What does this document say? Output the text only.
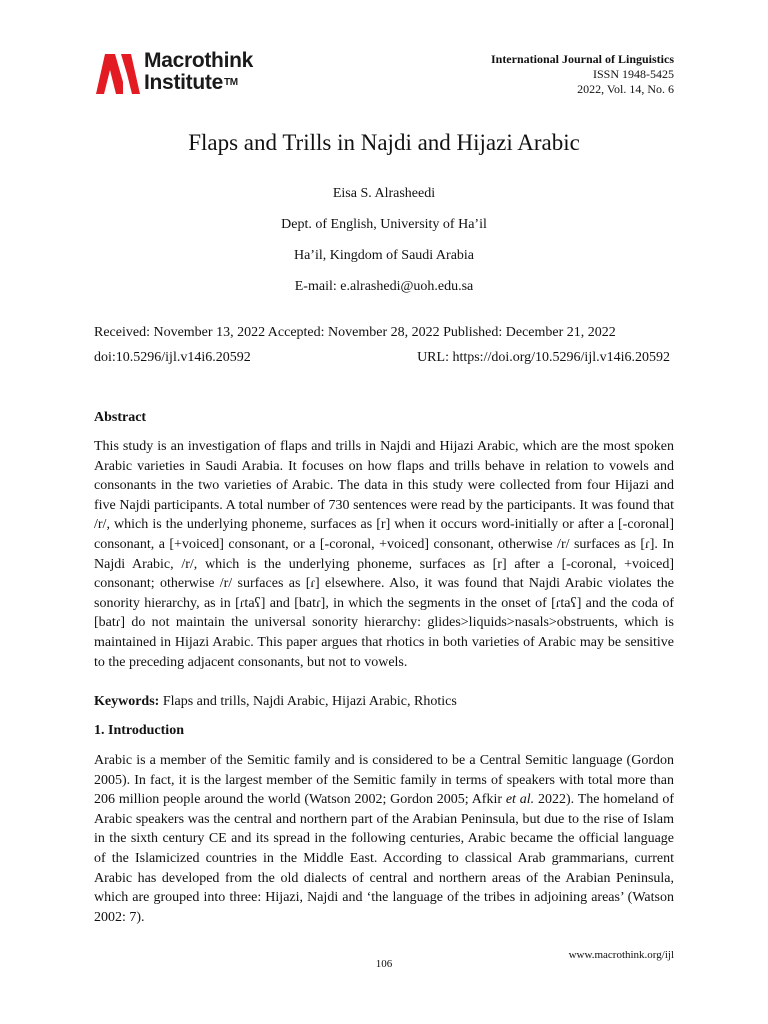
Macrothink
Institute™
International Journal of Linguistics
ISSN 1948-5425
2022, Vol. 14, No. 6
Flaps and Trills in Najdi and Hijazi Arabic
Eisa S. Alrasheedi
Dept. of English, University of Ha’il
Ha’il, Kingdom of Saudi Arabia
E-mail: e.alrashedi@uoh.edu.sa
Received: November 13, 2022 Accepted: November 28, 2022 Published: December 21, 2022
doi:10.5296/ijl.v14i6.20592	URL: https://doi.org/10.5296/ijl.v14i6.20592
Abstract
This study is an investigation of flaps and trills in Najdi and Hijazi Arabic, which are the most spoken Arabic varieties in Saudi Arabia. It focuses on how flaps and trills behave in relation to vowels and consonants in the two varieties of Arabic. The data in this study were collected from four Hijazi and five Najdi participants. A total number of 730 sentences were read by the participants. It was found that /r/, which is the underlying phoneme, surfaces as [r] when it occurs word-initially or after a [-coronal] consonant, a [+voiced] consonant, or a [-coronal, +voiced] consonant, otherwise /r/ surfaces as [ɾ]. In Najdi Arabic, /r/, which is the underlying phoneme, surfaces as [r] after a [-coronal, +voiced] consonant; otherwise /r/ surfaces as [ɾ] elsewhere. Also, it was found that Najdi Arabic violates the sonority hierarchy, as in [ɾtaʕ] and [batɾ], in which the segments in the onset of [ɾtaʕ] and the coda of [batɾ] do not maintain the universal sonority hierarchy: glides>liquids>nasals>obstruents, which is maintained in Hijazi Arabic. This paper argues that rhotics in both varieties of Arabic may be sensitive to the preceding adjacent consonants, but not to vowels.
Keywords: Flaps and trills, Najdi Arabic, Hijazi Arabic, Rhotics
1. Introduction
Arabic is a member of the Semitic family and is considered to be a Central Semitic language (Gordon 2005). In fact, it is the largest member of the Semitic family in terms of speakers with total more than 206 million people around the world (Watson 2002; Gordon 2005; Afkir et al. 2022). The homeland of Arabic speakers was the central and northern part of the Arabian Peninsula, but due to the rise of Islam in the sixth century CE and its spread in the following centuries, Arabic became the official language of the Islamicized countries in the Middle East. According to classical Arab grammarians, current Arabic has developed from the old dialects of central and northern areas of the Arabian Peninsula, which are grouped into three: Hijazi, Najdi and ‘the language of the tribes in adjoining areas’ (Watson 2002: 7).
www.macrothink.org/ijl
106
